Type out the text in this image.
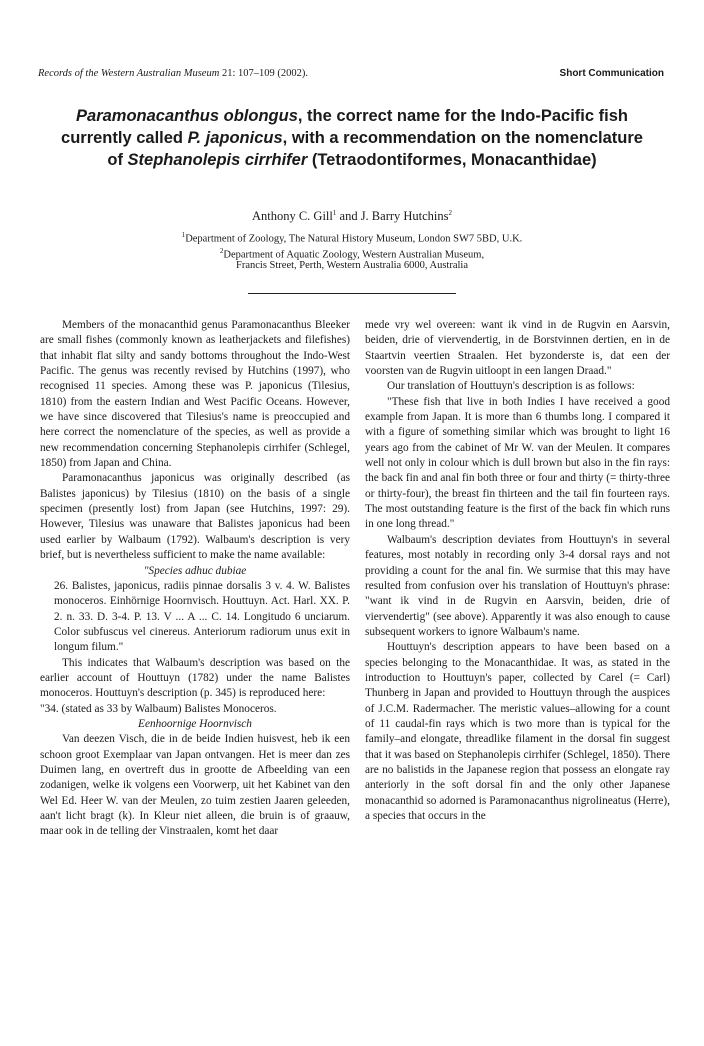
Records of the Western Australian Museum 21: 107–109 (2002).	Short Communication
Paramonacanthus oblongus, the correct name for the Indo-Pacific fish currently called P. japonicus, with a recommendation on the nomenclature of Stephanolepis cirrhifer (Tetraodontiformes, Monacanthidae)
Anthony C. Gill$^1$ and J. Barry Hutchins$^2$
$^1$Department of Zoology, The Natural History Museum, London SW7 5BD, U.K.
$^2$Department of Aquatic Zoology, Western Australian Museum,
Francis Street, Perth, Western Australia 6000, Australia

Members of the monacanthid genus Paramonacanthus Bleeker are small fishes (commonly known as leatherjackets and filefishes) that inhabit flat silty and sandy bottoms throughout the Indo-West Pacific. The genus was recently revised by Hutchins (1997), who recognised 11 species. Among these was P. japonicus (Tilesius, 1810) from the eastern Indian and West Pacific Oceans. However, we have since discovered that Tilesius's name is preoccupied and here correct the nomenclature of the species, as well as provide a new recommendation concerning Stephanolepis cirrhifer (Schlegel, 1850) from Japan and China.

Paramonacanthus japonicus was originally described (as Balistes japonicus) by Tilesius (1810) on the basis of a single specimen (presently lost) from Japan (see Hutchins, 1997: 29). However, Tilesius was unaware that Balistes japonicus had been used earlier by Walbaum (1792). Walbaum's description is very brief, but is nevertheless sufficient to make the name available:

"Species adhuc dubiae

26. Balistes, japonicus, radiis pinnae dorsalis 3 v. 4. W. Balistes monoceros. Einhörnige Hoornvisch. Houttuyn. Act. Harl. XX. P. 2. n. 33. D. 3-4. P. 13. V ... A ... C. 14. Longitudo 6 unciarum. Color subfuscus vel cinereus. Anteriorum radiorum unus exit in longum filum."

This indicates that Walbaum's description was based on the earlier account of Houttuyn (1782) under the name Balistes monoceros. Houttuyn's description (p. 345) is reproduced here:

"34. (stated as 33 by Walbaum) Balistes Monoceros.

Eenhoornige Hoornvisch

Van deezen Visch, die in de beide Indien huisvest, heb ik een schoon groot Exemplaar van Japan ontvangen. Het is meer dan zes Duimen lang, en overtreft dus in grootte de Afbeelding van een zodanigen, welke ik volgens een Voorwerp, uit het Kabinet van den Wel Ed. Heer W. van der Meulen, zo tuim zestien Jaaren geleeden, aan't licht bragt (k). In Kleur niet alleen, die bruin is of graauw, maar ook in de telling der Vinstraalen, komt het daar

mede vry wel overeen: want ik vind in de Rugvin en Aarsvin, beiden, drie of viervendertig, in de Borstvinnen dertien, en in de Staartvin veertien Straalen. Het byzonderste is, dat een der voorsten van de Rugvin uitloopt in een langen Draad."

Our translation of Houttuyn's description is as follows:

"These fish that live in both Indies I have received a good example from Japan. It is more than 6 thumbs long. I compared it with a figure of something similar which was brought to light 16 years ago from the cabinet of Mr W. van der Meulen. It compares well not only in colour which is dull brown but also in the fin rays: the back fin and anal fin both three or four and thirty (= thirty-three or thirty-four), the breast fin thirteen and the tail fin fourteen rays. The most outstanding feature is the first of the back fin which runs in one long thread."

Walbaum's description deviates from Houttuyn's in several features, most notably in recording only 3-4 dorsal rays and not providing a count for the anal fin. We surmise that this may have resulted from confusion over his translation of Houttuyn's phrase: "want ik vind in de Rugvin en Aarsvin, beiden, drie of viervendertig" (see above). Apparently it was also enough to cause subsequent workers to ignore Walbaum's name.

Houttuyn's description appears to have been based on a species belonging to the Monacanthidae. It was, as stated in the introduction to Houttuyn's paper, collected by Carel (= Carl) Thunberg in Japan and provided to Houttuyn through the auspices of J.C.M. Radermacher. The meristic values–allowing for a count of 11 caudal-fin rays which is two more than is typical for the family–and elongate, threadlike filament in the dorsal fin suggest that it was based on Stephanolepis cirrhifer (Schlegel, 1850). There are no balistids in the Japanese region that possess an elongate ray anteriorly in the soft dorsal fin and the only other Japanese monacanthid so adorned is Paramonacanthus nigrolineatus (Herre), a species that occurs in the
